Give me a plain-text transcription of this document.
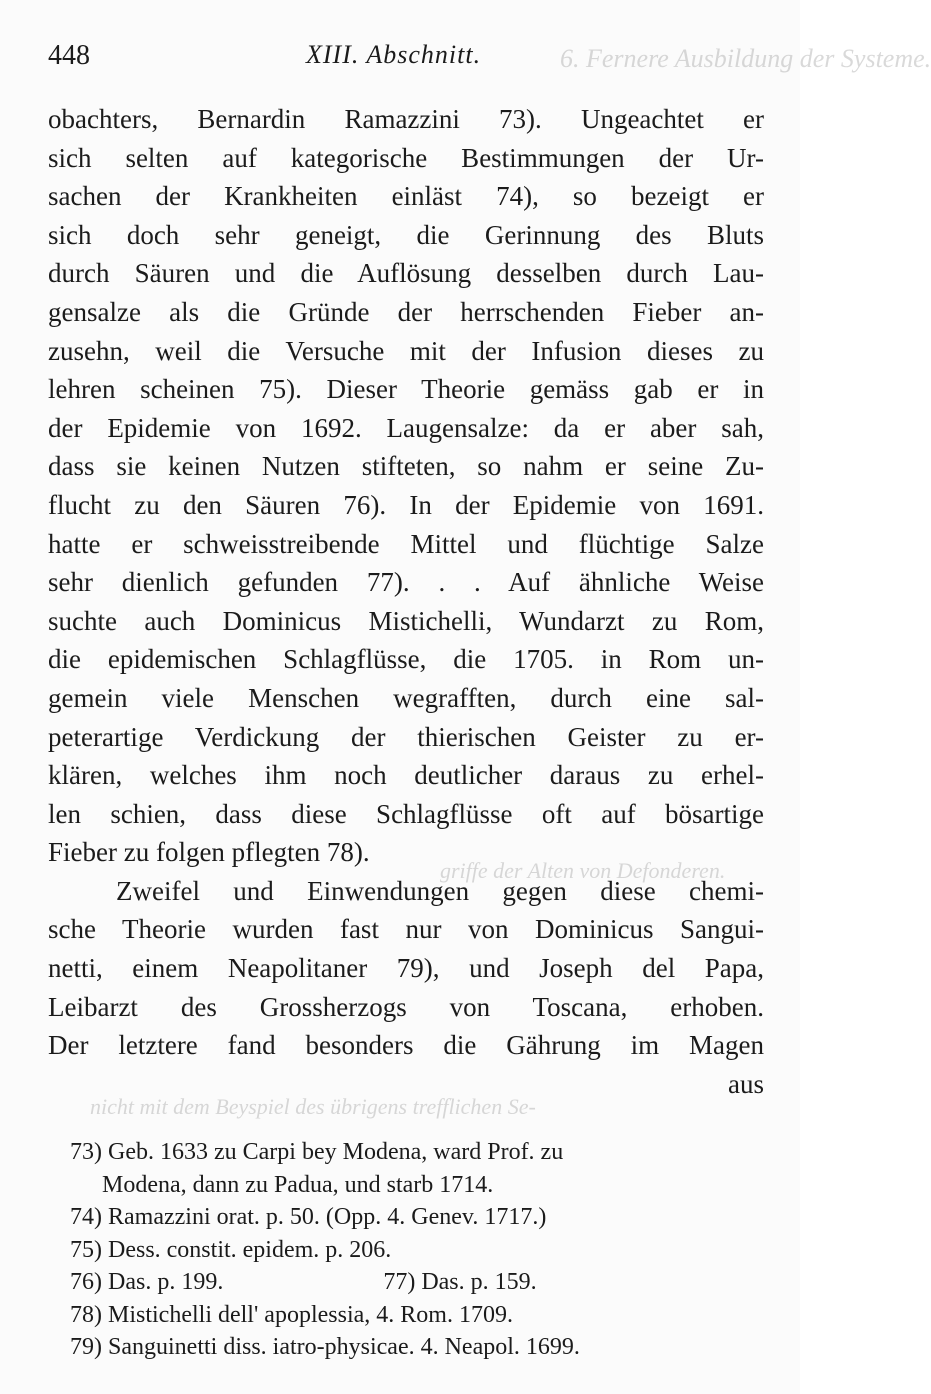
6. Fernere Ausbildung der Systeme.
griffe der Alten von Defonderen.
nicht mit dem Beyspiel des übrigens trefflichen Se-
448	XIII. Abschnitt.
obachters, Bernardin Ramazzini 73). Ungeachtet er
sich selten auf kategorische Bestimmungen der Ur-
sachen der Krankheiten einläst 74), so bezeigt er
sich doch sehr geneigt, die Gerinnung des Bluts
durch Säuren und die Auflösung desselben durch Lau-
gensalze als die Gründe der herrschenden Fieber an-
zusehn, weil die Versuche mit der Infusion dieses zu
lehren scheinen 75). Dieser Theorie gemäss gab er in
der Epidemie von 1692. Laugensalze: da er aber sah,
dass sie keinen Nutzen stifteten, so nahm er seine Zu-
flucht zu den Säuren 76). In der Epidemie von 1691.
hatte er schweisstreibende Mittel und flüchtige Salze
sehr dienlich gefunden 77). . . Auf ähnliche Weise
suchte auch Dominicus Mistichelli, Wundarzt zu Rom,
die epidemischen Schlagflüsse, die 1705. in Rom un-
gemein viele Menschen wegrafften, durch eine sal-
peterartige Verdickung der thierischen Geister zu er-
klären, welches ihm noch deutlicher daraus zu erhel-
len schien, dass diese Schlagflüsse oft auf bösartige
Fieber zu folgen pflegten 78).
Zweifel und Einwendungen gegen diese chemi-
sche Theorie wurden fast nur von Dominicus Sangui-
netti, einem Neapolitaner 79), und Joseph del Papa,
Leibarzt des Grossherzogs von Toscana, erhoben.
Der letztere fand besonders die Gährung im Magen
aus
73) Geb. 1633 zu Carpi bey Modena, ward Prof. zu
Modena, dann zu Padua, und starb 1714.
74) Ramazzini orat. p. 50. (Opp. 4. Genev. 1717.)
75) Dess. constit. epidem. p. 206.
76) Das. p. 199.	77) Das. p. 159.
78) Mistichelli dell' apoplessia, 4. Rom. 1709.
79) Sanguinetti diss. iatro-physicae. 4. Neapol. 1699.
